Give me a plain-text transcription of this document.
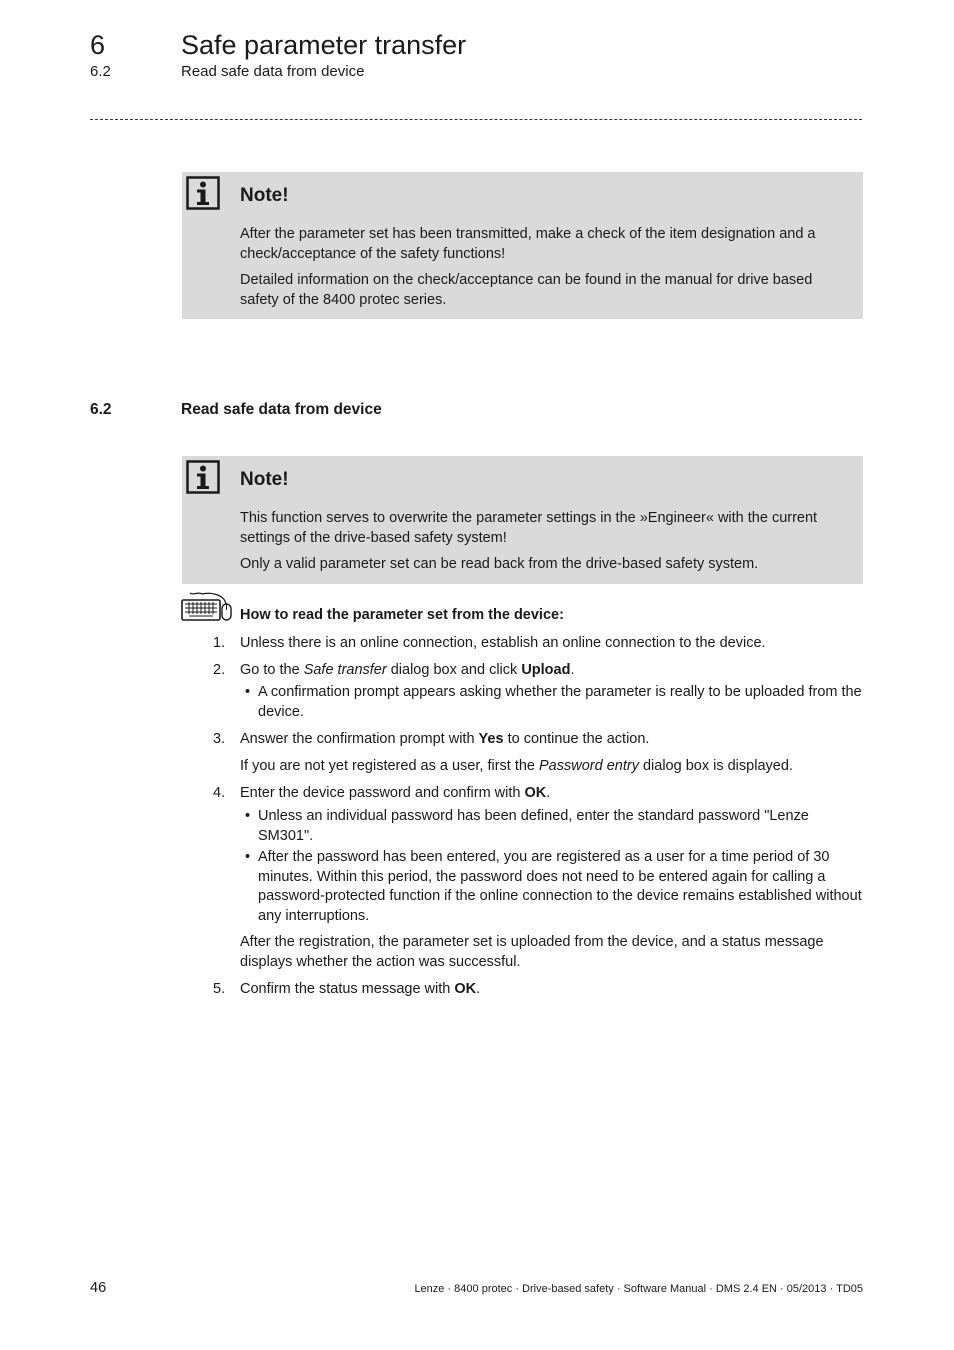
6	Safe parameter transfer
6.2	Read safe data from device
Note!

After the parameter set has been transmitted, make a check of the item designation and a check/acceptance of the safety functions!

Detailed information on the check/acceptance can be found in the manual for drive based safety of the 8400 protec series.

6.2	Read safe data from device
Note!

This function serves to overwrite the parameter settings in the »Engineer« with the current settings of the drive-based safety system!

Only a valid parameter set can be read back from the drive-based safety system.

How to read the parameter set from the device:
1. Unless there is an online connection, establish an online connection to the device.
2. Go to the Safe transfer dialog box and click Upload.
• A confirmation prompt appears asking whether the parameter is really to be uploaded from the device.
3. Answer the confirmation prompt with Yes to continue the action.
If you are not yet registered as a user, first the Password entry dialog box is displayed.
4. Enter the device password and confirm with OK.
• Unless an individual password has been defined, enter the standard password "Lenze SM301".
• After the password has been entered, you are registered as a user for a time period of 30 minutes. Within this period, the password does not need to be entered again for calling a password-protected function if the online connection to the device remains established without any interruptions.
After the registration, the parameter set is uploaded from the device, and a status message displays whether the action was successful.
5. Confirm the status message with OK.
46	Lenze · 8400 protec · Drive-based safety · Software Manual · DMS 2.4 EN · 05/2013 · TD05
